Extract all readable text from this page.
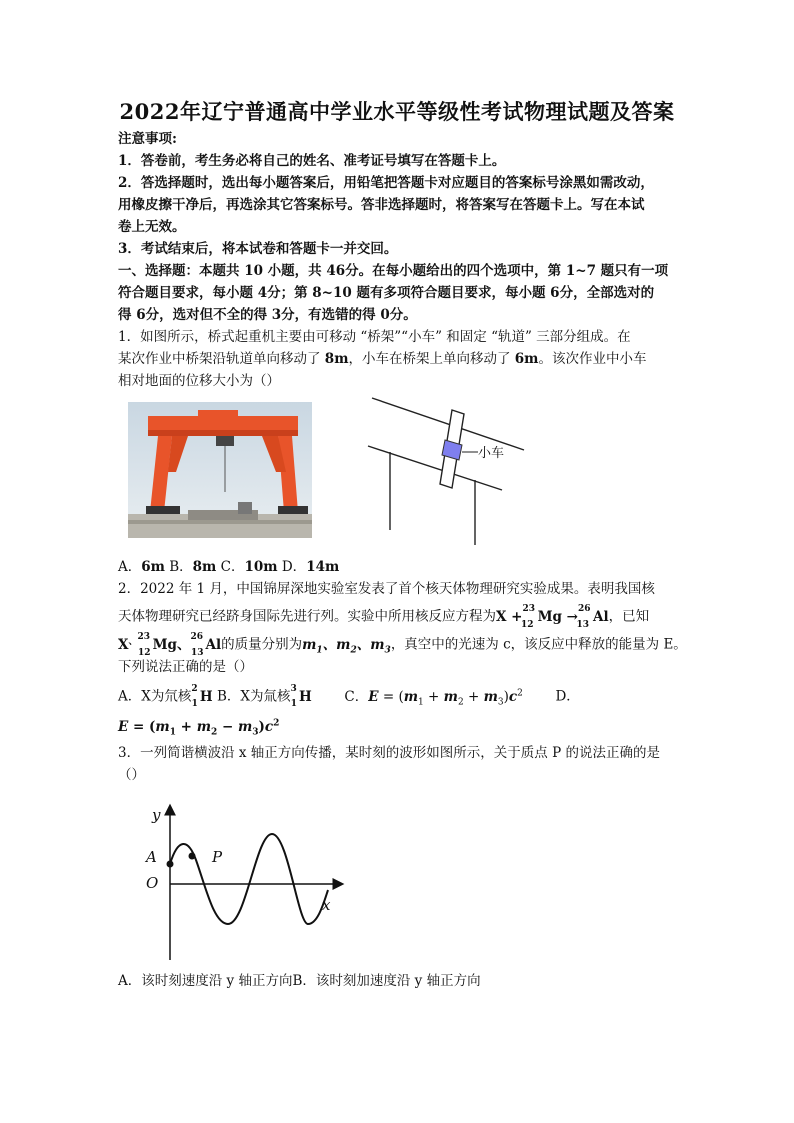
2022年辽宁普通高中学业水平等级性考试物理试题及答案
注意事项:
1．答卷前，考生务必将自己的姓名、准考证号填写在答题卡上。
2．答选择题时，选出每小题答案后，用铅笔把答题卡对应题目的答案标号涂黑如需改动，
用橡皮擦干净后，再选涂其它答案标号。答非选择题时，将答案写在答题卡上。写在本试
卷上无效。
3．考试结束后，将本试卷和答题卡一并交回。
一、选择题：本题共 10 小题，共 46分。在每小题给出的四个选项中，第 1~7 题只有一项
符合题目要求，每小题 4分；第 8~10 题有多项符合题目要求，每小题 6分，全部选对的
得 6分，选对但不全的得 3分，有选错的得 0分。
1．如图所示，桥式起重机主要由可移动 “桥架”“小车” 和固定 “轨道” 三部分组成。在
某次作业中桥架沿轨道单向移动了 8m，小车在桥架上单向移动了 6m。该次作业中小车
相对地面的位移大小为（）
小车
A．6m B．8m C．10m D．14m
2．2022 年 1 月，中国锦屏深地实验室发表了首个核天体物理研究实验成果。表明我国核
天体物理研究已经跻身国际先进行列。实验中所用核反应方程为X +$^{23}_{12}$ Mg →$^{26}_{13}$ Al，已知
$X^{、23}_{12}$ Mg、$^{26}_{13}$ Al的质量分别为$m_1$、$m_2$、$m_3$，真空中的光速为 c，该反应中释放的能量为 E。
下列说法正确的是（）
A．X为氘核$^2_1$ H B．X为氚核$^3_1$ H C．$E = (m_1 + m_2 + m_3)c^2$ D．
$E = (m_1 + m_2 - m_3)c^2$
3．一列简谐横波沿 x 轴正方向传播，某时刻的波形如图所示，关于质点 P 的说法正确的是
（）
y
x
A
O
P
A．该时刻速度沿 y 轴正方向B．该时刻加速度沿 y 轴正方向
